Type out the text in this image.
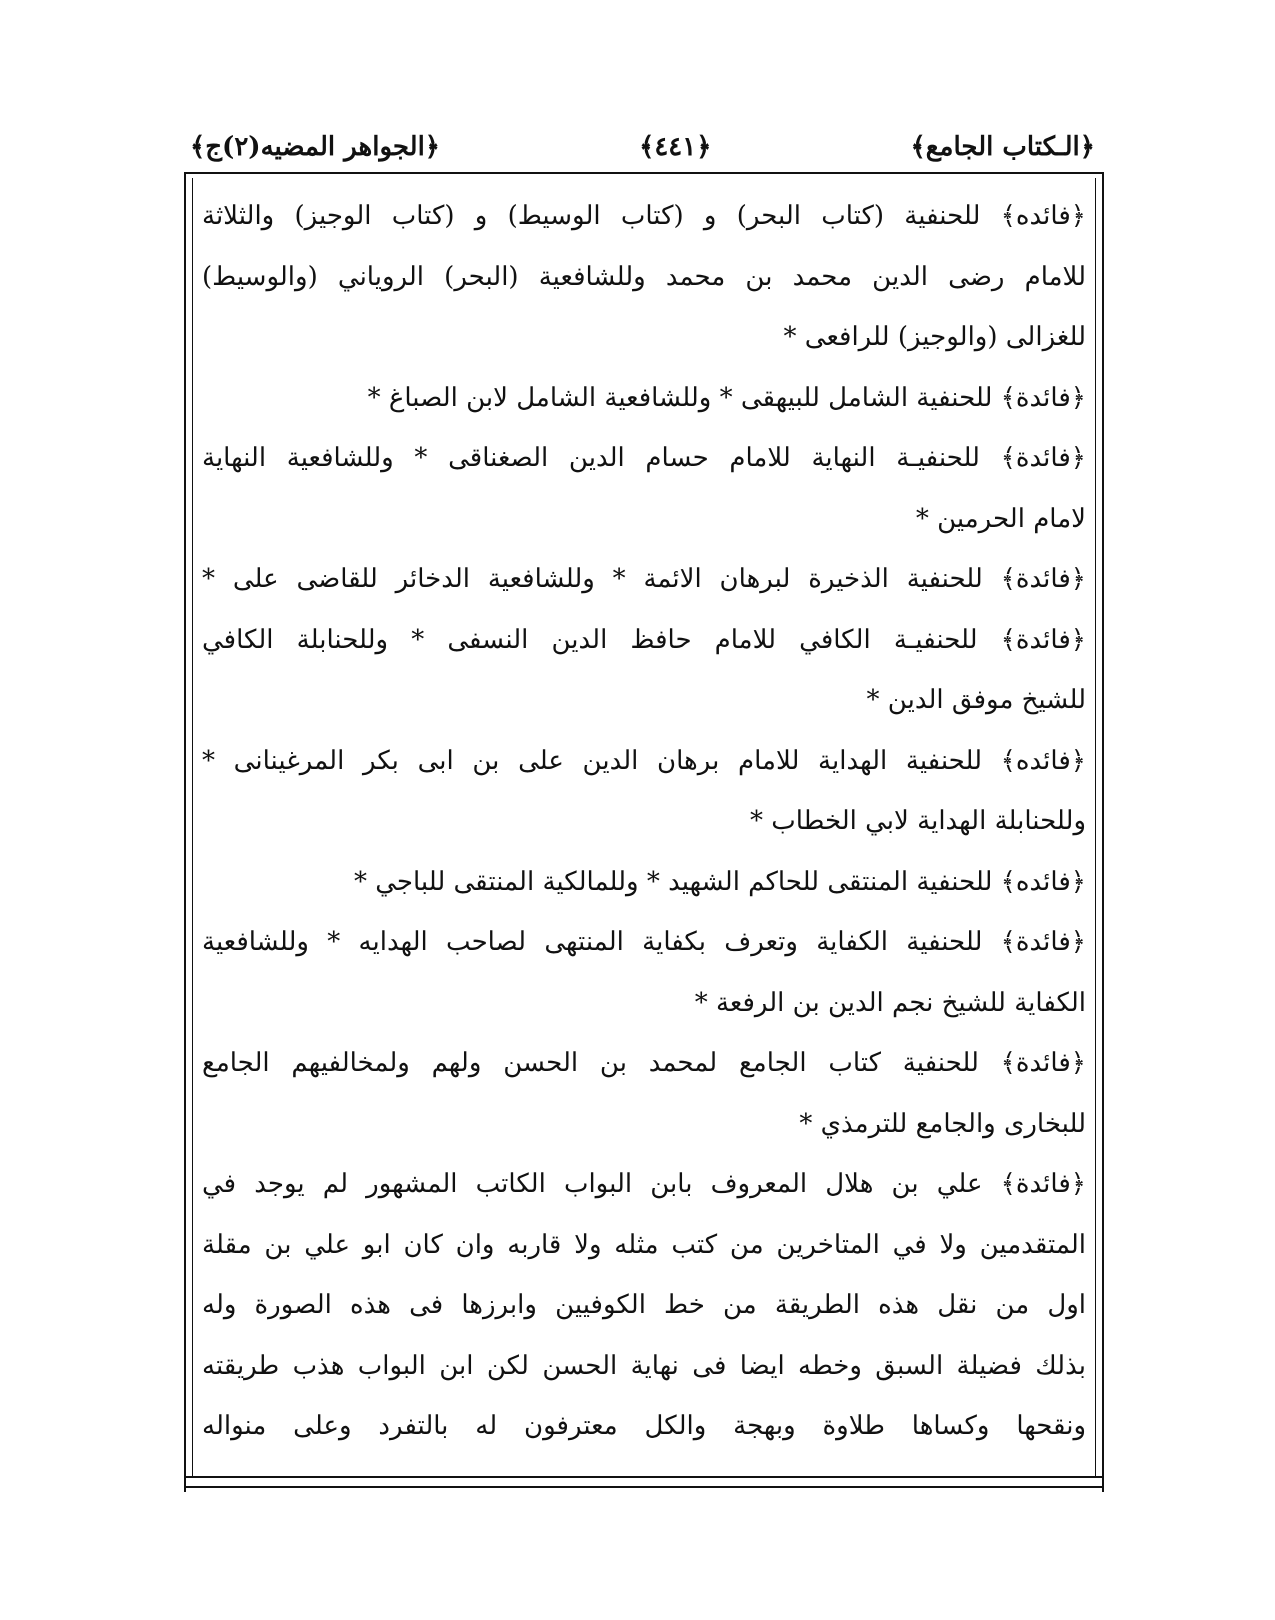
﴿الـكتاب الجامع﴾
﴿٤٤١﴾
﴿الجواهر المضيه(٢)ج﴾
﴿فائده﴾ للحنفية (كتاب البحر) و (كتاب الوسيط) و (كتاب الوجيز) والثلاثة
للامام رضى الدين محمد بن محمد وللشافعية (البحر) الروياني (والوسيط)
للغزالى (والوجيز) للرافعى *
﴿فائدة﴾ للحنفية الشامل للبيهقى * وللشافعية الشامل لابن الصباغ *
﴿فائدة﴾ للحنفيـة النهاية للامام حسام الدين الصغناقى * وللشافعية النهاية
لامام الحرمين *
﴿فائدة﴾ للحنفية الذخيرة لبرهان الائمة * وللشافعية الدخائر للقاضى على *
﴿فائدة﴾ للحنفيـة الكافي للامام حافظ الدين النسفى * وللحنابلة الكافي
للشيخ موفق الدين *
﴿فائده﴾ للحنفية الهداية للامام برهان الدين على بن ابى بكر المرغينانى *
وللحنابلة الهداية لابي الخطاب *
﴿فائده﴾ للحنفية المنتقى للحاكم الشهيد * وللمالكية المنتقى للباجي *
﴿فائدة﴾ للحنفية الكفاية وتعرف بكفاية المنتهى لصاحب الهدايه * وللشافعية
الكفاية للشيخ نجم الدين بن الرفعة *
﴿فائدة﴾ للحنفية كتاب الجامع لمحمد بن الحسن ولهم ولمخالفيهم الجامع
للبخارى والجامع للترمذي *
﴿فائدة﴾ علي بن هلال المعروف بابن البواب الكاتب المشهور لم يوجد في
المتقدمين ولا في المتاخرين من كتب مثله ولا قاربه وان كان ابو علي بن مقلة
اول من نقل هذه الطريقة من خط الكوفيين وابرزها فى هذه الصورة وله
بذلك فضيلة السبق وخطه ايضا فى نهاية الحسن لكن ابن البواب هذب طريقته
ونقحها وكساها طلاوة وبهجة والكل معترفون له بالتفرد وعلى منواله
